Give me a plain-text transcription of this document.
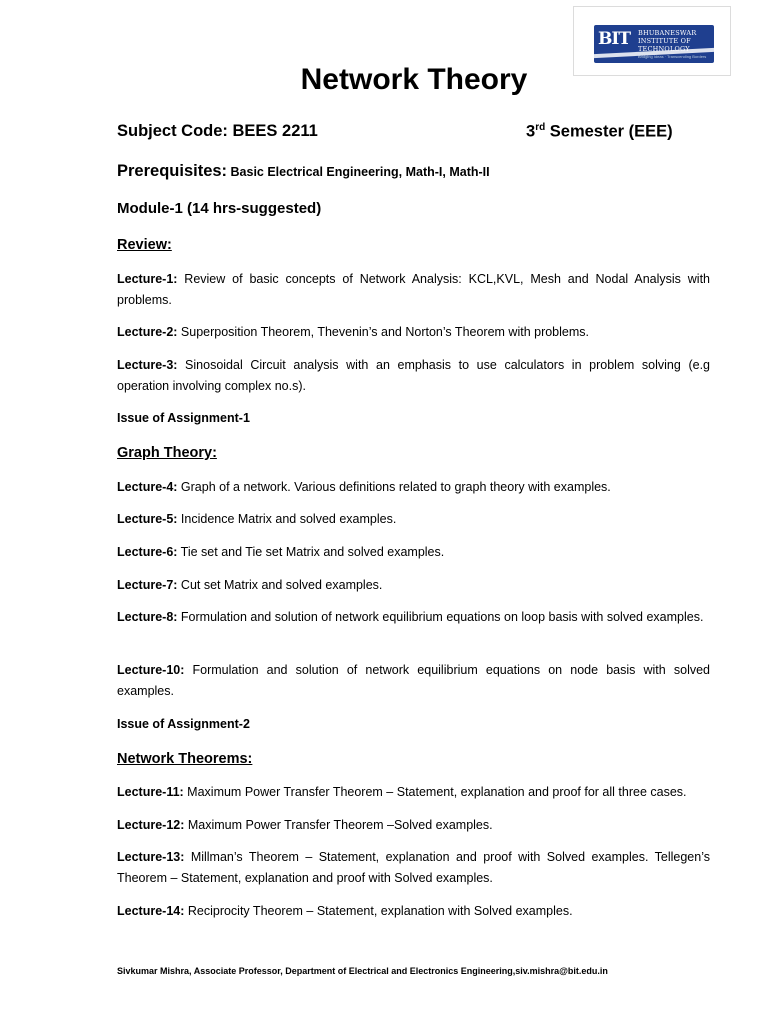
BIT BHUBANESWAR
INSTITUTE OF
TECHNOLOGY
Bridging Ideas · Transcending Borders
Network Theory
Subject Code: BEES 2211	3rd Semester (EEE)
Prerequisites: Basic Electrical Engineering, Math-I, Math-II
Module-1 (14 hrs-suggested)
Review:
Lecture-1: Review of basic concepts of Network Analysis: KCL,KVL, Mesh and Nodal Analysis with problems.
Lecture-2: Superposition Theorem, Thevenin’s and Norton’s Theorem with problems.
Lecture-3: Sinosoidal Circuit analysis with an emphasis to use calculators in problem solving (e.g operation involving complex no.s).
Issue of Assignment-1
Graph Theory:
Lecture-4: Graph of a network. Various definitions related to graph theory with examples.
Lecture-5: Incidence Matrix and solved examples.
Lecture-6: Tie set and Tie set Matrix and solved examples.
Lecture-7: Cut set Matrix and solved examples.
Lecture-8: Formulation and solution of network equilibrium equations on loop basis with solved examples.
Lecture-10: Formulation and solution of network equilibrium equations on node basis with solved examples.
Issue of Assignment-2
Network Theorems:
Lecture-11: Maximum Power Transfer Theorem – Statement, explanation and proof for all three cases.
Lecture-12: Maximum Power Transfer Theorem –Solved examples.
Lecture-13: Millman’s Theorem – Statement, explanation and proof with Solved examples. Tellegen’s Theorem – Statement, explanation and proof with Solved examples.
Lecture-14: Reciprocity Theorem – Statement, explanation with Solved examples.
Sivkumar Mishra, Associate Professor, Department of Electrical and Electronics Engineering,siv.mishra@bit.edu.in
